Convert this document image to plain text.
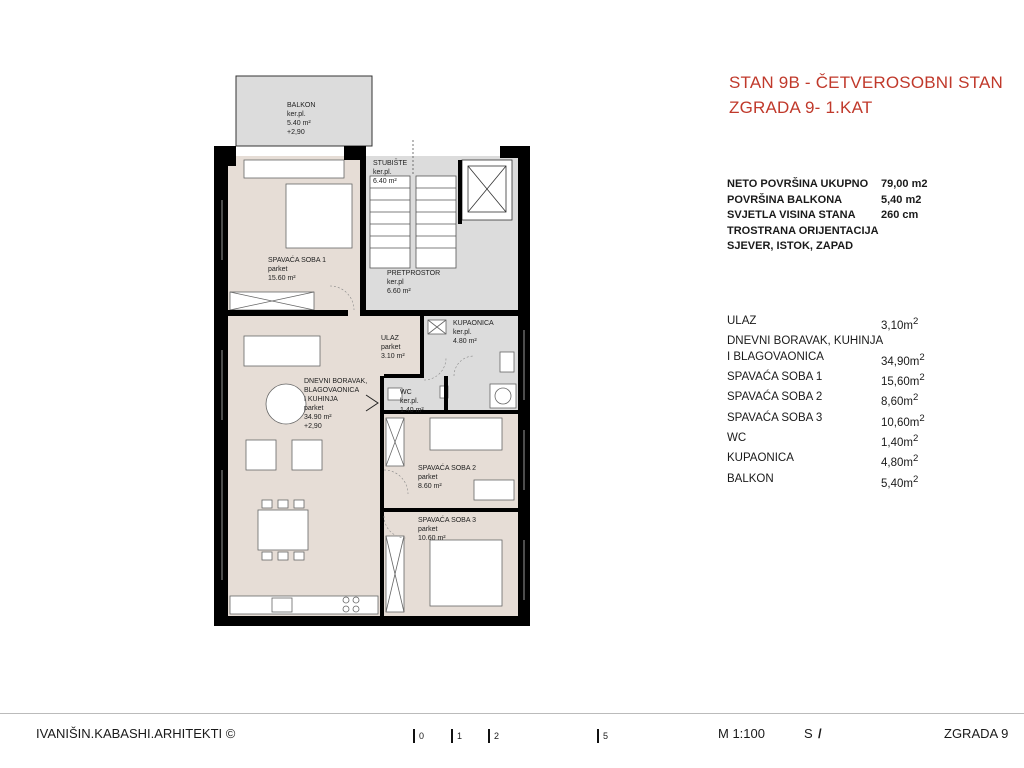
BALKON ker.pl. 5.40 m² +2,90
STUBIŠTE ker.pl. 6.40 m²
SPAVAĆA SOBA 1 parket 15.60 m²
PRETPROSTOR ker.pl 6.60 m²
KUPAONICA ker.pl. 4.80 m²
ULAZ parket 3.10 m²
DNEVNI BORAVAK, BLAGOVAONICA I KUHINJA parket 34.90 m² +2,90
WC ker.pl. 1.40 m²
SPAVAĆA SOBA 2 parket 8.60 m²
SPAVAĆA SOBA 3 parket 10.60 m²
STAN 9B - ČETVEROSOBNI STAN
ZGRADA 9- 1.KAT
NETO POVRŠINA UKUPNO	79,00 m2
POVRŠINA BALKONA	5,40 m2
SVJETLA VISINA STANA	260 cm
TROSTRANA ORIJENTACIJA
SJEVER, ISTOK, ZAPAD
ULAZ	$3,10m^2$
DNEVNI BORAVAK, KUHINJA
I BLAGOVAONICA	$34,90m^2$
SPAVAĆA SOBA 1	$15,60m^2$
SPAVAĆA SOBA 2	$8,60m^2$
SPAVAĆA SOBA 3	$10,60m^2$
WC	$1,40m^2$
KUPAONICA	$4,80m^2$
BALKON	$5,40m^2$
IVANIŠIN.KABASHI.ARHITEKTI ©	0	1	2	5	M 1:100	S /	ZGRADA 9
